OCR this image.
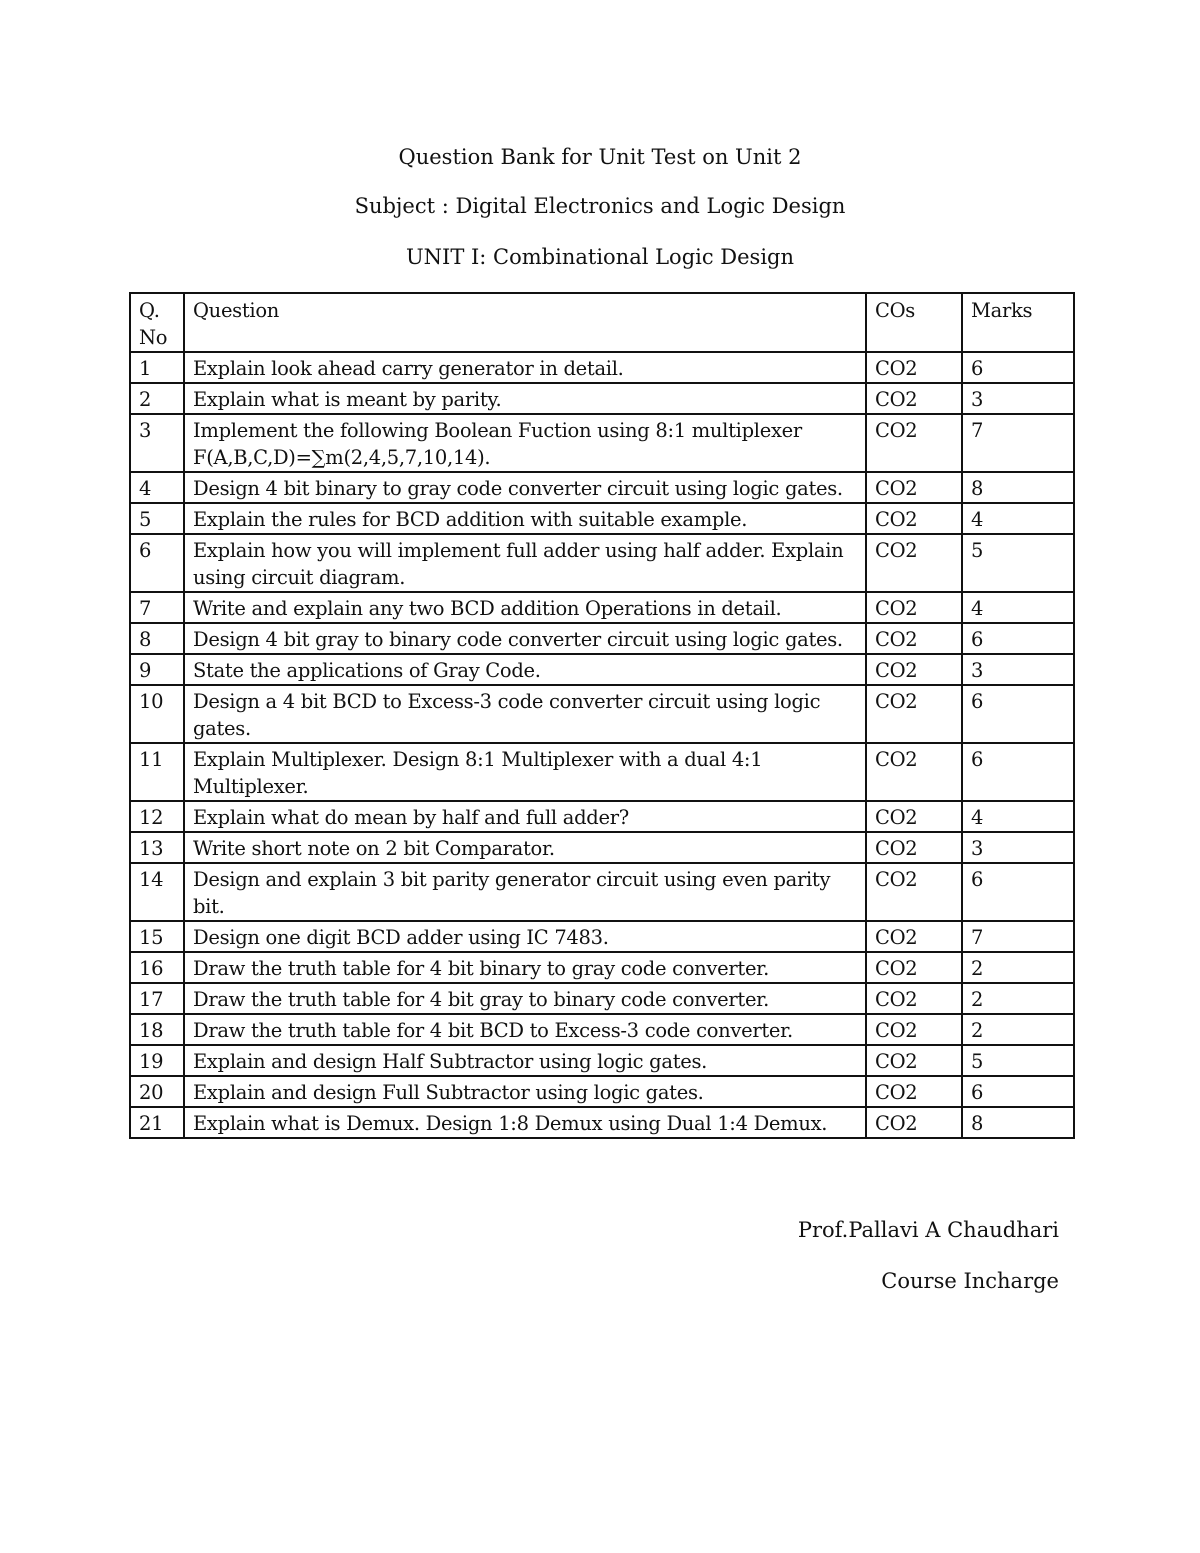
Question Bank for Unit Test on Unit 2
Subject : Digital Electronics and Logic Design
UNIT I: Combinational Logic Design
Q. No	Question	COs	Marks
1	Explain look ahead carry generator in detail.	CO2	6
2	Explain what is meant by parity.	CO2	3
3	Implement the following Boolean Fuction using 8:1 multiplexer F(A,B,C,D)=∑m(2,4,5,7,10,14).	CO2	7
4	Design 4 bit binary to gray code converter circuit using logic gates.	CO2	8
5	Explain the rules for BCD addition with suitable example.	CO2	4
6	Explain how you will implement full adder using half adder. Explain using circuit diagram.	CO2	5
7	Write and explain any two BCD addition Operations in detail.	CO2	4
8	Design 4 bit gray to binary code converter circuit using logic gates.	CO2	6
9	State the applications of Gray Code.	CO2	3
10	Design a 4 bit BCD to Excess-3 code converter circuit using logic gates.	CO2	6
11	Explain Multiplexer. Design 8:1 Multiplexer with a dual 4:1 Multiplexer.	CO2	6
12	Explain what do mean by half and full adder?	CO2	4
13	Write short note on 2 bit Comparator.	CO2	3
14	Design and explain 3 bit parity generator circuit using even parity bit.	CO2	6
15	Design one digit BCD adder using IC 7483.	CO2	7
16	Draw the truth table for 4 bit binary to gray code converter.	CO2	2
17	Draw the truth table for 4 bit gray to binary code converter.	CO2	2
18	Draw the truth table for 4 bit BCD to Excess-3 code converter.	CO2	2
19	Explain and design Half Subtractor using logic gates.	CO2	5
20	Explain and design Full Subtractor using logic gates.	CO2	6
21	Explain what is Demux. Design 1:8 Demux using Dual 1:4 Demux.	CO2	8
Prof.Pallavi A Chaudhari
Course Incharge
